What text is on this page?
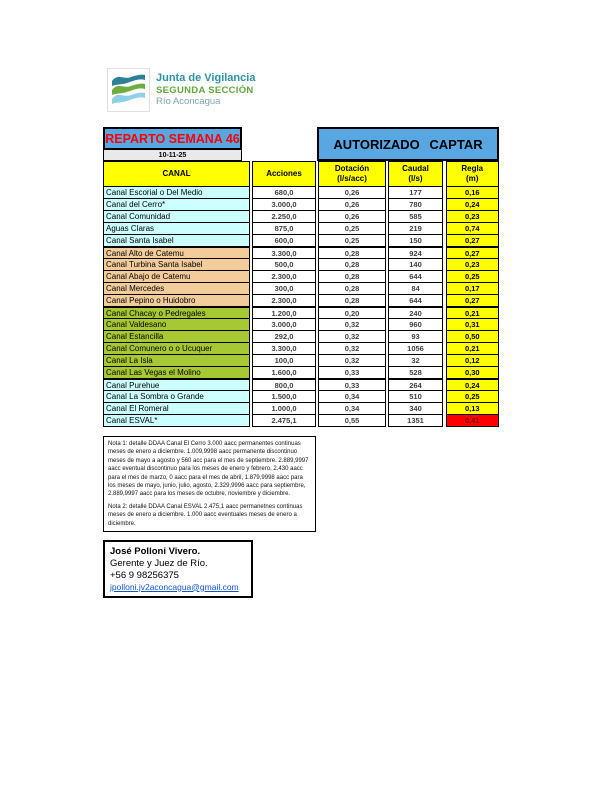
Junta de Vigilancia
SEGUNDA SECCIÓN
Río Aconcagua
REPARTO SEMANA 46
10-11-25
AUTORIZADO CAPTAR
CANAL
Canal Escorial o Del Medio
Canal del Cerro*
Canal Comunidad
Aguas Claras
Canal Santa Isabel
Canal Alto de Catemu
Canal Turbina Santa Isabel
Canal Abajo de Catemu
Canal Mercedes
Canal Pepino o Huidobro
Canal Chacay o Pedregales
Canal Valdesano
Canal Estancilla
Canal Comunero o o Ucuquer
Canal La Isla
Canal Las Vegas el Molino
Canal Purehue
Canal La Sombra o Grande
Canal El Romeral
Canal ESVAL*
Acciones
680,0
3.000,0
2.250,0
875,0
600,0
3.300,0
500,0
2.300,0
300,0
2.300,0
1.200,0
3.000,0
292,0
3.300,0
100,0
1.600,0
800,0
1.500,0
1.000,0
2.475,1
Dotación
(l/s/acc)
0,26
0,26
0,26
0,25
0,25
0,28
0,28
0,28
0,28
0,28
0,20
0,32
0,32
0,32
0,32
0,33
0,33
0,34
0,34
0,55
Caudal
(l/s)
177
780
585
219
150
924
140
644
84
644
240
960
93
1056
32
528
264
510
340
1351
Regla
(m)
0,16
0,24
0,23
0,74
0,27
0,27
0,23
0,25
0,17
0,27
0,21
0,31
0,50
0,21
0,12
0,30
0,24
0,25
0,13
0,41

Nota 1: detalle DDAA Canal El Cerro 3.000 aacc permanentes continuas meses de enero a diciembre. 1.009,9998 aacc permanente discontinuo meses de mayo a agosto y 560 acc para el mes de septiembre. 2.889,9997 aacc eventual discontinuo para los meses de enero y febrero, 2.430 aacc para el mes de marzo, 0 aacc para el mes de abril, 1.879,9998 aacc para los meses de mayo, junio, julio, agosto, 2.329,9996 aacc para septiembre, 2.889,9997 aacc para los meses de octubre, noviembre y diciembre.

Nota 2: detalle DDAA Canal ESVAL 2.475,1 aacc permanetnes continuas meses de enero a diciembre. 1.000 aacc eventuales meses de enero a diciembre.

José Polloni Vivero.
Gerente y Juez de Río.
+56 9 98256375
jpolloni.jv2aconcagua@gmail.com
